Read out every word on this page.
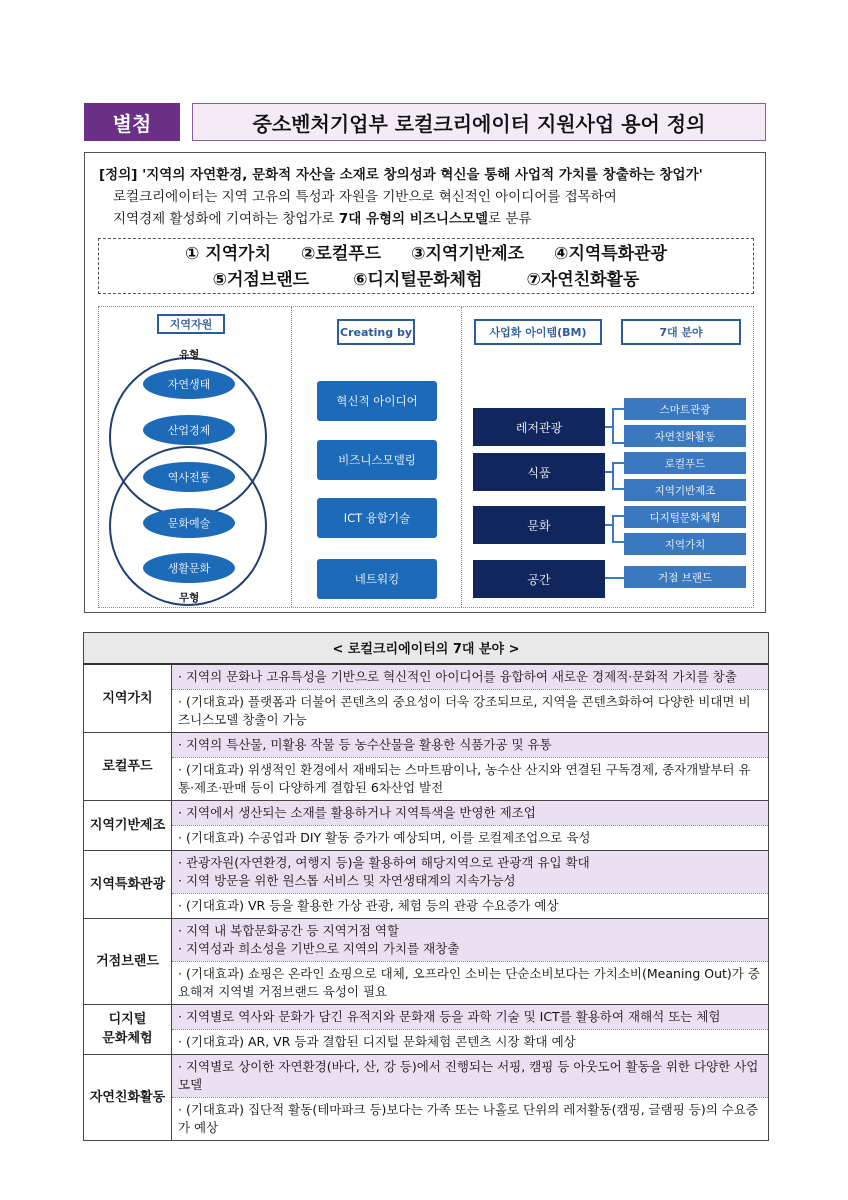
별첨	중소벤처기업부 로컬크리에이터 지원사업 용어 정의
[정의] '지역의 자연환경, 문화적 자산을 소재로 창의성과 혁신을 통해 사업적 가치를 창출하는 창업가'
로컬크리에이터는 지역 고유의 특성과 자원을 기반으로 혁신적인 아이디어를 접목하여
지역경제 활성화에 기여하는 창업가로 7대 유형의 비즈니스모델로 분류
① 지역가치 ②로컬푸드 ③지역기반제조 ④지역특화관광
⑤거점브랜드	⑥디지털문화체험	⑦자연친화활동
지역자원
유형
무형
자연생태
산업경제
역사전통
문화예술
생활문화
Creating by
혁신적 아이디어
비즈니스모델링
ICT 융합기술
네트워킹
사업화 아이템(BM)	7대 분야
레저관광
식품
문화
공간
스마트관광
자연친화활동
로컬푸드
지역기반제조
디지털문화체험
지역가치
거점 브랜드
< 로컬크리에이터의 7대 분야 >	
지역가치	· 지역의 문화나 고유특성을 기반으로 혁신적인 아이디어를 융합하여 새로운 경제적·문화적 가치를 창출
	· (기대효과) 플랫폼과 더불어 콘텐츠의 중요성이 더욱 강조되므로, 지역을 콘텐츠화하여 다양한 비대면 비즈니스모델 창출이 가능
로컬푸드	· 지역의 특산물, 미활용 작물 등 농수산물을 활용한 식품가공 및 유통
	· (기대효과) 위생적인 환경에서 재배되는 스마트팜이나, 농수산 산지와 연결된 구독경제, 종자개발부터 유통·제조·판매 등이 다양하게 결합된 6차산업 발전
지역기반제조	· 지역에서 생산되는 소재를 활용하거나 지역특색을 반영한 제조업
	· (기대효과) 수공업과 DIY 활동 증가가 예상되며, 이를 로컬제조업으로 육성
지역특화관광	· 관광자원(자연환경, 여행지 등)을 활용하여 해당지역으로 관광객 유입 확대
· 지역 방문을 위한 원스톱 서비스 및 자연생태계의 지속가능성
	· (기대효과) VR 등을 활용한 가상 관광, 체험 등의 관광 수요증가 예상
거점브랜드	· 지역 내 복합문화공간 등 지역거점 역할
· 지역성과 희소성을 기반으로 지역의 가치를 재창출
	· (기대효과) 쇼핑은 온라인 쇼핑으로 대체, 오프라인 소비는 단순소비보다는 가치소비(Meaning Out)가 중요해져 지역별 거점브랜드 육성이 필요
디지털
문화체험	· 지역별로 역사와 문화가 담긴 유적지와 문화재 등을 과학 기술 및 ICT를 활용하여 재해석 또는 체험
	· (기대효과) AR, VR 등과 결합된 디지털 문화체험 콘텐츠 시장 확대 예상
자연친화활동	· 지역별로 상이한 자연환경(바다, 산, 강 등)에서 진행되는 서핑, 캠핑 등 아웃도어 활동을 위한 다양한 사업모델
	· (기대효과) 집단적 활동(테마파크 등)보다는 가족 또는 나홀로 단위의 레저활동(캠핑, 글램핑 등)의 수요증가 예상
